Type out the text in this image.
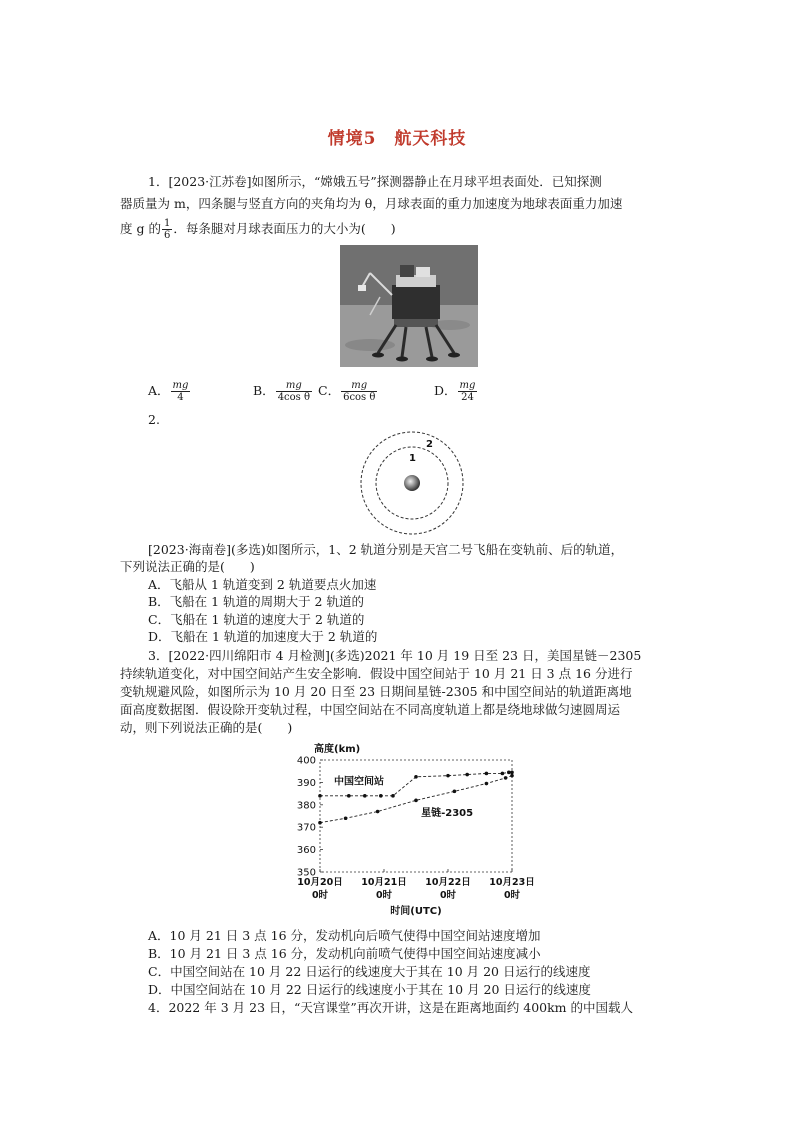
情境5　航天科技
1．[2023·江苏卷]如图所示，“嫦娥五号”探测器静止在月球平坦表面处．已知探测
器质量为 m，四条腿与竖直方向的夹角均为 θ，月球表面的重力加速度为地球表面重力加速
度 g 的 $\frac{1}{6}$ ．每条腿对月球表面压力的大小为(　　)
A． $\frac{mg}{4}$	B． $\frac{mg}{\text{4cos θ}}$ C． $\frac{mg}{\text{6cos θ}}$	D． $\frac{mg}{24}$
2.
1
2
[2023·海南卷](多选)如图所示，1、2 轨道分别是天宫二号飞船在变轨前、后的轨道，
下列说法正确的是(　　)
A．飞船从 1 轨道变到 2 轨道要点火加速
B．飞船在 1 轨道的周期大于 2 轨道的
C．飞船在 1 轨道的速度大于 2 轨道的
D．飞船在 1 轨道的加速度大于 2 轨道的
3．[2022·四川绵阳市 4 月检测](多选)2021 年 10 月 19 日至 23 日，美国星链－2305
持续轨道变化，对中国空间站产生安全影响．假设中国空间站于 10 月 21 日 3 点 16 分进行
变轨规避风险，如图所示为 10 月 20 日至 23 日期间星链-2305 和中国空间站的轨道距离地
面高度数据图．假设除开变轨过程，中国空间站在不同高度轨道上都是绕地球做匀速圆周运
动，则下列说法正确的是(　　)
高度(km)
350
360
370
380
390
400
10月20日
0时
10月21日
0时
10月22日
0时
10月23日
0时
时间(UTC)
中国空间站
星链-2305
A．10 月 21 日 3 点 16 分，发动机向后喷气使得中国空间站速度增加
B．10 月 21 日 3 点 16 分，发动机向前喷气使得中国空间站速度减小
C．中国空间站在 10 月 22 日运行的线速度大于其在 10 月 20 日运行的线速度
D．中国空间站在 10 月 22 日运行的线速度小于其在 10 月 20 日运行的线速度
4．2022 年 3 月 23 日，“天宫课堂”再次开讲，这是在距离地面约 400km 的中国载人
